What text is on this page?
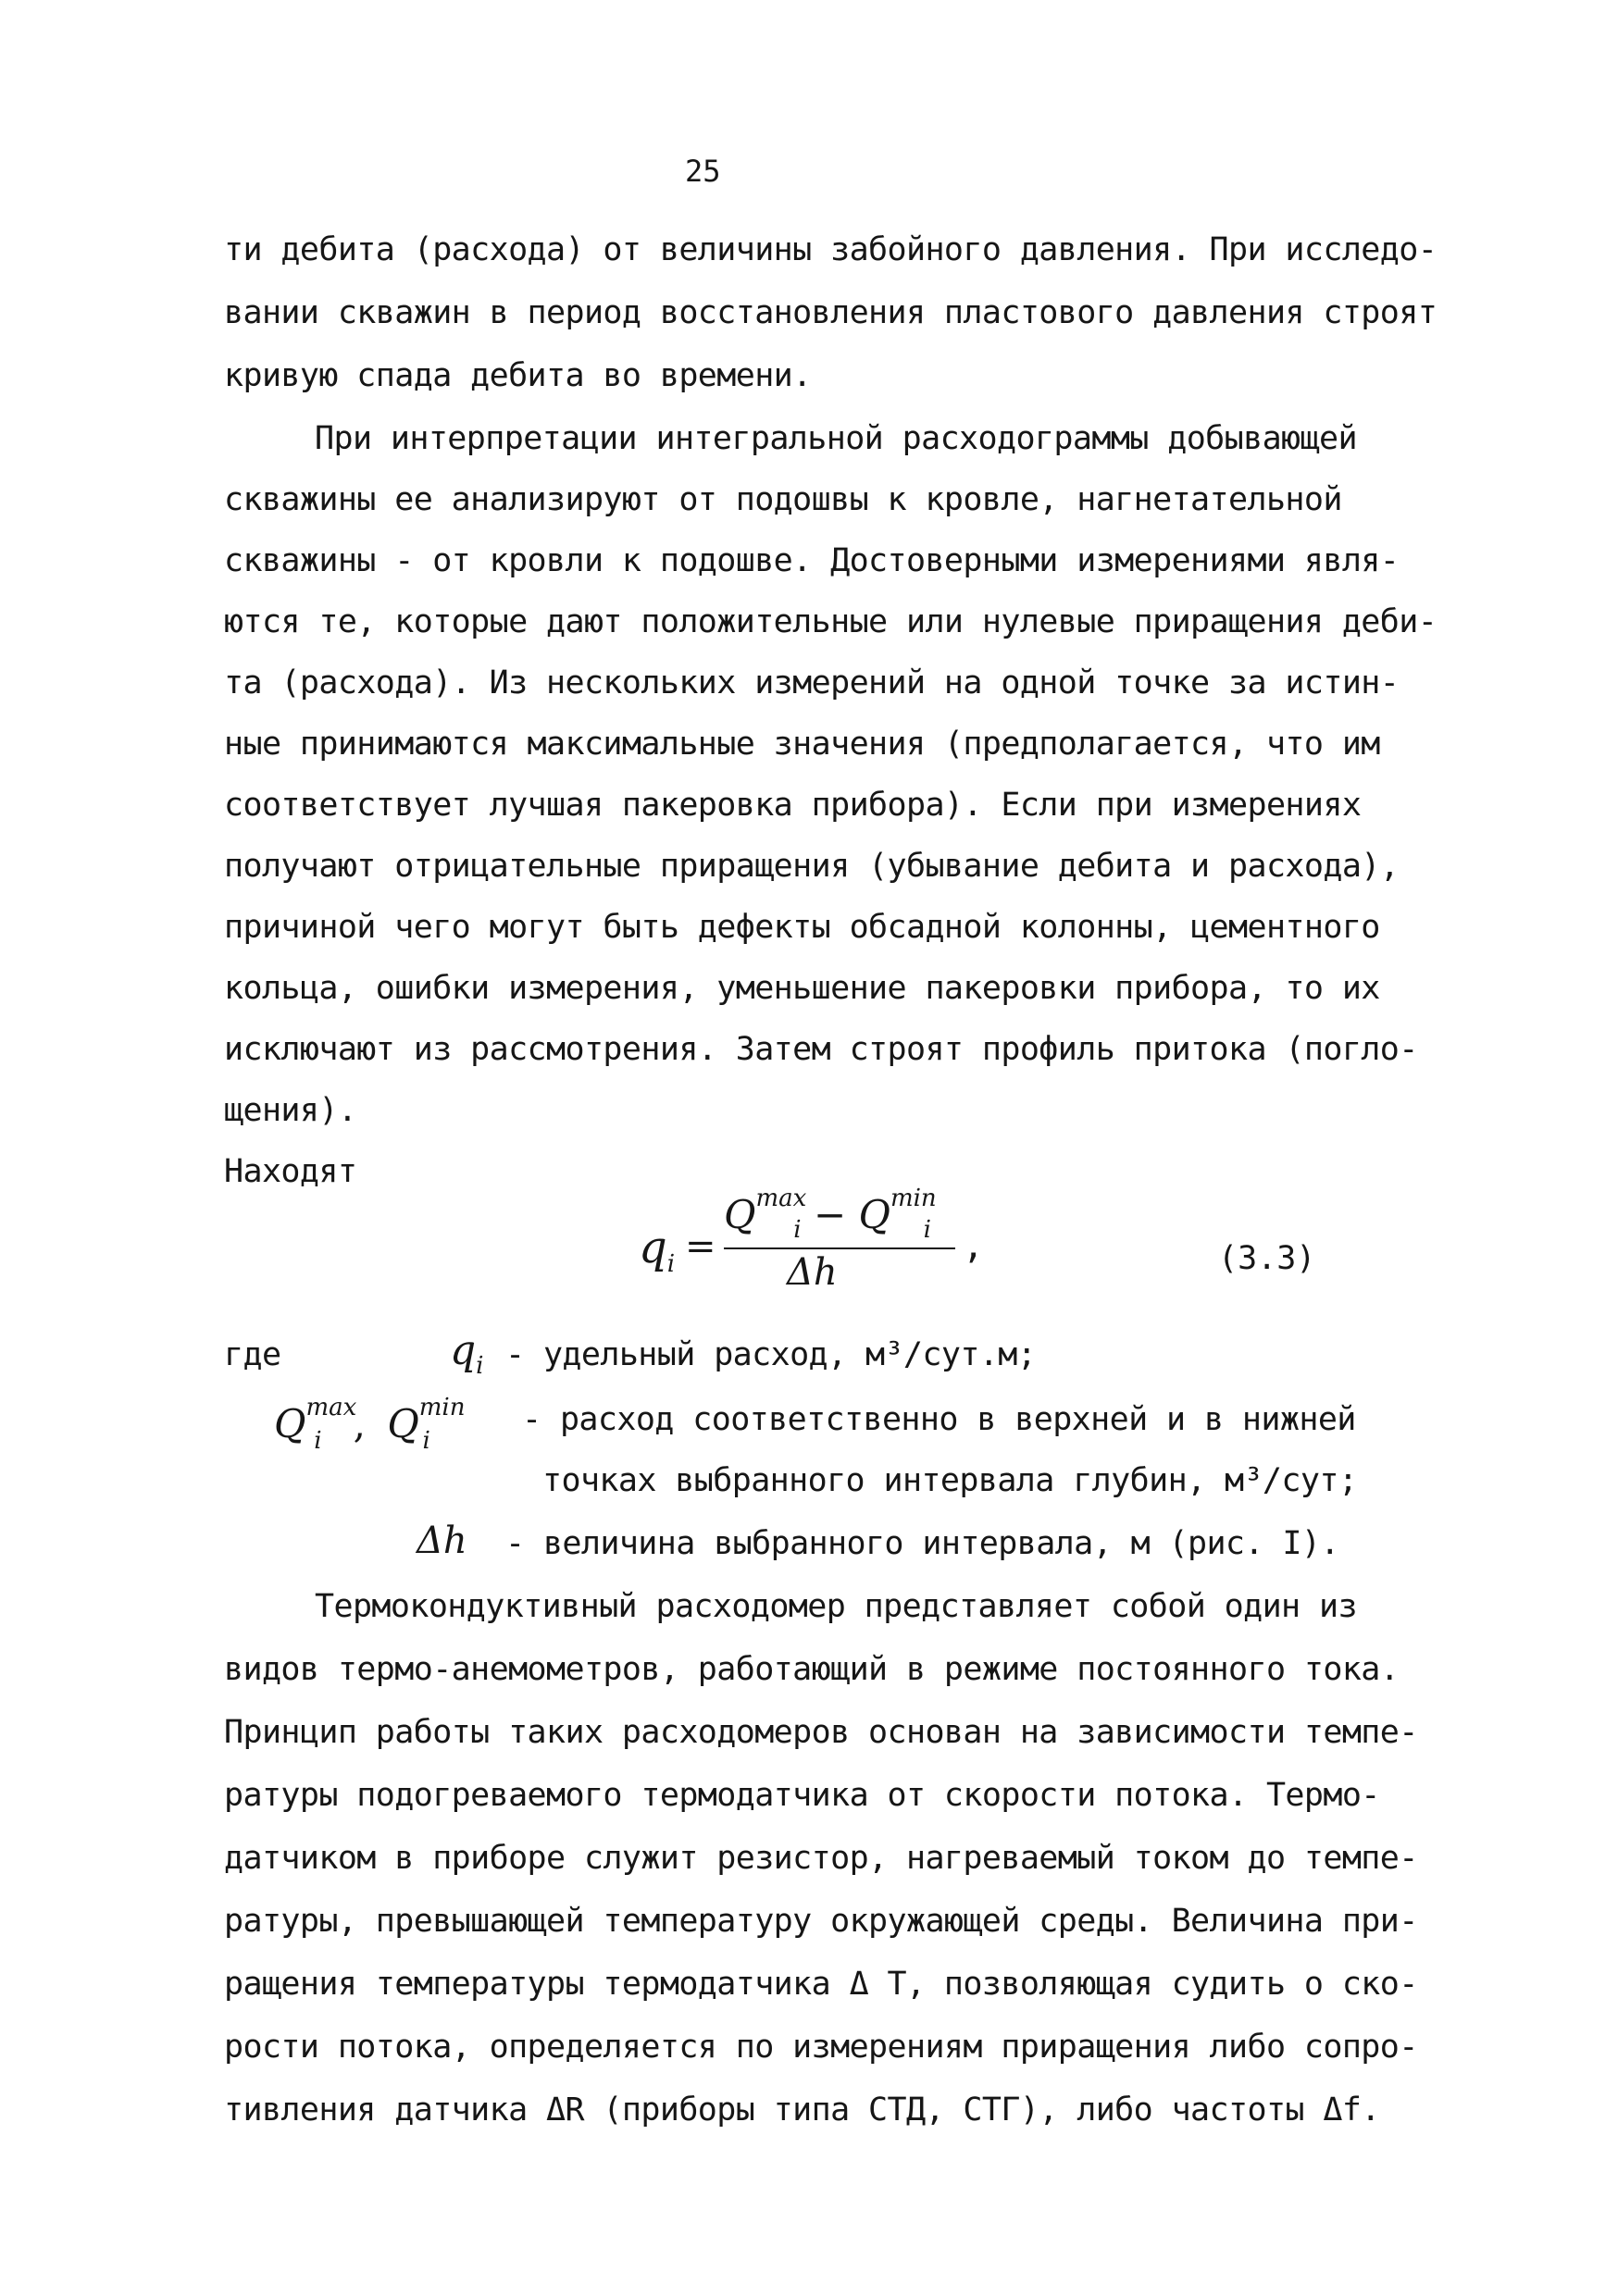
25
ти дебита (расхода) от величины забойного давления. При исследо-
вании скважин в период восстановления пластового давления строят
кривую спада дебита во времени.
При интерпретации интегральной расходограммы добывающей
скважины ее анализируют от подошвы к кровле, нагнетательной
скважины - от кровли к подошве. Достоверными измерениями явля-
ются те, которые дают положительные или нулевые приращения деби-
та (расхода). Из нескольких измерений на одной точке за истин-
ные принимаются максимальные значения (предполагается, что им
соответствует лучшая пакеровка прибора). Если при измерениях
получают отрицательные приращения (убывание дебита и расхода),
причиной чего могут быть дефекты обсадной колонны, цементного
кольца, ошибки измерения, уменьшение пакеровки прибора, то их
исключают из рассмотрения. Затем строят профиль притока (погло-
щения).
Находят
$q_i$ =
$Q^{max}_i - Q^{min}_i$
Δh
,	(3.3)
где	$q_i$ - удельный расход, м³/сут.м;
$Q^{max}_i$ , $Q^{min}_i$
- расход соответственно в верхней и в нижней
точках выбранного интервала глубин, м³/сут;
Δh - величина выбранного интервала, м (рис. I).
Термокондуктивный расходомер представляет собой один из
видов термо-анемометров, работающий в режиме постоянного тока.
Принцип работы таких расходомеров основан на зависимости темпе-
ратуры подогреваемого термодатчика от скорости потока. Термо-
датчиком в приборе служит резистор, нагреваемый током до темпе-
ратуры, превышающей температуру окружающей среды. Величина при-
ращения температуры термодатчика Δ Т, позволяющая судить о ско-
рости потока, определяется по измерениям приращения либо сопро-
тивления датчика ΔR (приборы типа СТД, СТГ), либо частоты Δf.
